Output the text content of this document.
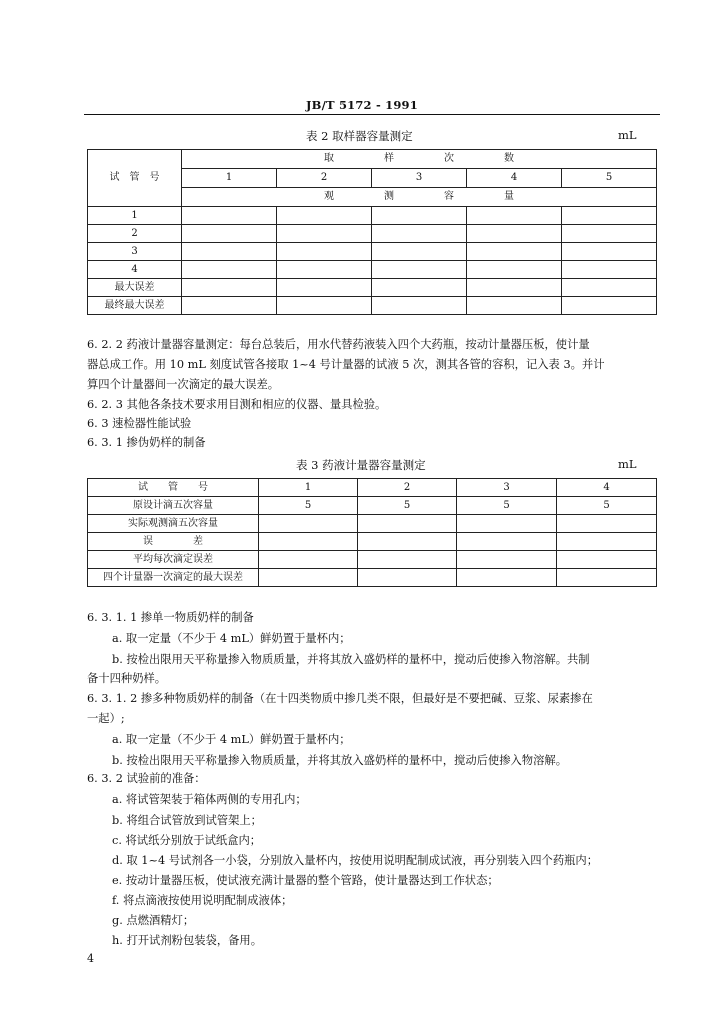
JB/T 5172 - 1991
表 2 取样器容量测定	mL
试　管　号	取　　　　　样　　　　　次　　　　　数				
	1	2	3	4	5
	观　　　　　测　　　　　容　　　　　量				
1					
2					
3					
4					
最大误差					
最终最大误差					
6. 2. 2 药液计量器容量测定：每台总装后，用水代替药液装入四个大药瓶，按动计量器压板，使计量
器总成工作。用 10 mL 刻度试管各接取 1~4 号计量器的试液 5 次，测其各管的容积，记入表 3。并计
算四个计量器间一次滴定的最大误差。
6. 2. 3 其他各条技术要求用目测和相应的仪器、量具检验。
6. 3 速检器性能试验
6. 3. 1 掺伪奶样的制备
表 3 药液计量器容量测定	mL
试　　管　　号	1	2	3	4
原设计滴五次容量	5	5	5	5
实际观测滴五次容量				
误　　　　差				
平均每次滴定误差				
四个计量器一次滴定的最大误差				
6. 3. 1. 1 掺单一物质奶样的制备
a. 取一定量（不少于 4 mL）鲜奶置于量杯内；
b. 按检出限用天平称量掺入物质质量，并将其放入盛奶样的量杯中，搅动后使掺入物溶解。共制
备十四种奶样。
6. 3. 1. 2 掺多种物质奶样的制备（在十四类物质中掺几类不限，但最好是不要把碱、豆浆、尿素掺在
一起）;
a. 取一定量（不少于 4 mL）鲜奶置于量杯内；
b. 按检出限用天平称量掺入物质质量，并将其放入盛奶样的量杯中，搅动后使掺入物溶解。
6. 3. 2 试验前的准备：
a. 将试管架装于箱体两侧的专用孔内；
b. 将组合试管放到试管架上；
c. 将试纸分别放于试纸盒内；
d. 取 1~4 号试剂各一小袋，分别放入量杯内，按使用说明配制成试液，再分别装入四个药瓶内；
e. 按动计量器压板，使试液充满计量器的整个管路，使计量器达到工作状态；
f. 将点滴液按使用说明配制成液体；
g. 点燃酒精灯；
h. 打开试剂粉包装袋，备用。
4
